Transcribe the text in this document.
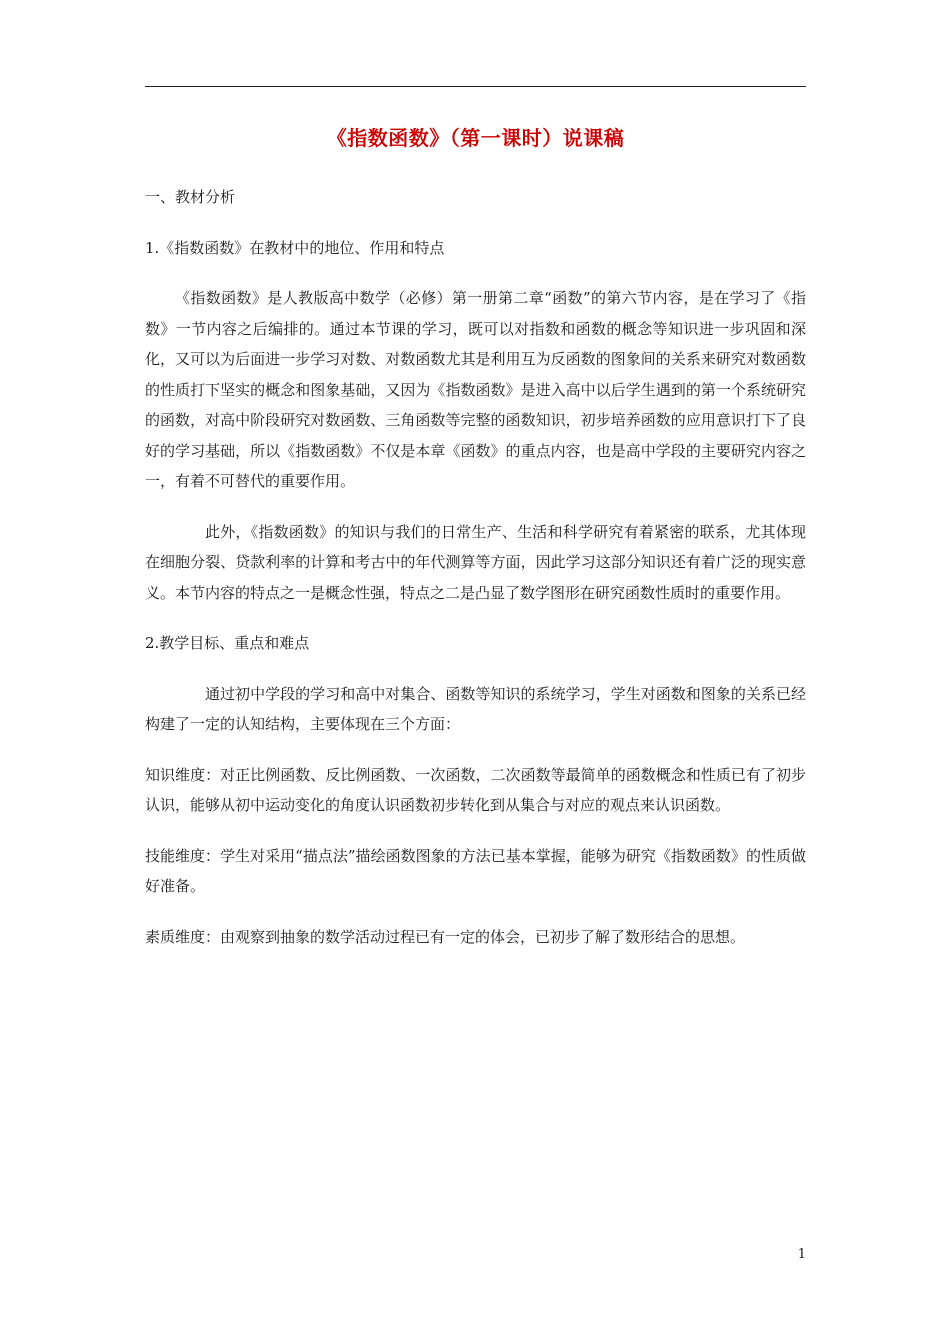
《指数函数》（第一课时）说课稿

一、教材分析

1.《指数函数》在教材中的地位、作用和特点

《指数函数》是人教版高中数学（必修）第一册第二章“函数”的第六节内容，是在学习了《指数》一节内容之后编排的。通过本节课的学习，既可以对指数和函数的概念等知识进一步巩固和深化，又可以为后面进一步学习对数、对数函数尤其是利用互为反函数的图象间的关系来研究对数函数的性质打下坚实的概念和图象基础，又因为《指数函数》是进入高中以后学生遇到的第一个系统研究的函数，对高中阶段研究对数函数、三角函数等完整的函数知识，初步培养函数的应用意识打下了良好的学习基础，所以《指数函数》不仅是本章《函数》的重点内容，也是高中学段的主要研究内容之一，有着不可替代的重要作用。

此外，《指数函数》的知识与我们的日常生产、生活和科学研究有着紧密的联系，尤其体现在细胞分裂、贷款利率的计算和考古中的年代测算等方面，因此学习这部分知识还有着广泛的现实意义。本节内容的特点之一是概念性强，特点之二是凸显了数学图形在研究函数性质时的重要作用。

2.教学目标、重点和难点

通过初中学段的学习和高中对集合、函数等知识的系统学习，学生对函数和图象的关系已经构建了一定的认知结构，主要体现在三个方面：

知识维度：对正比例函数、反比例函数、一次函数，二次函数等最简单的函数概念和性质已有了初步认识，能够从初中运动变化的角度认识函数初步转化到从集合与对应的观点来认识函数。

技能维度：学生对采用“描点法”描绘函数图象的方法已基本掌握，能够为研究《指数函数》的性质做好准备。

素质维度：由观察到抽象的数学活动过程已有一定的体会，已初步了解了数形结合的思想。

1
